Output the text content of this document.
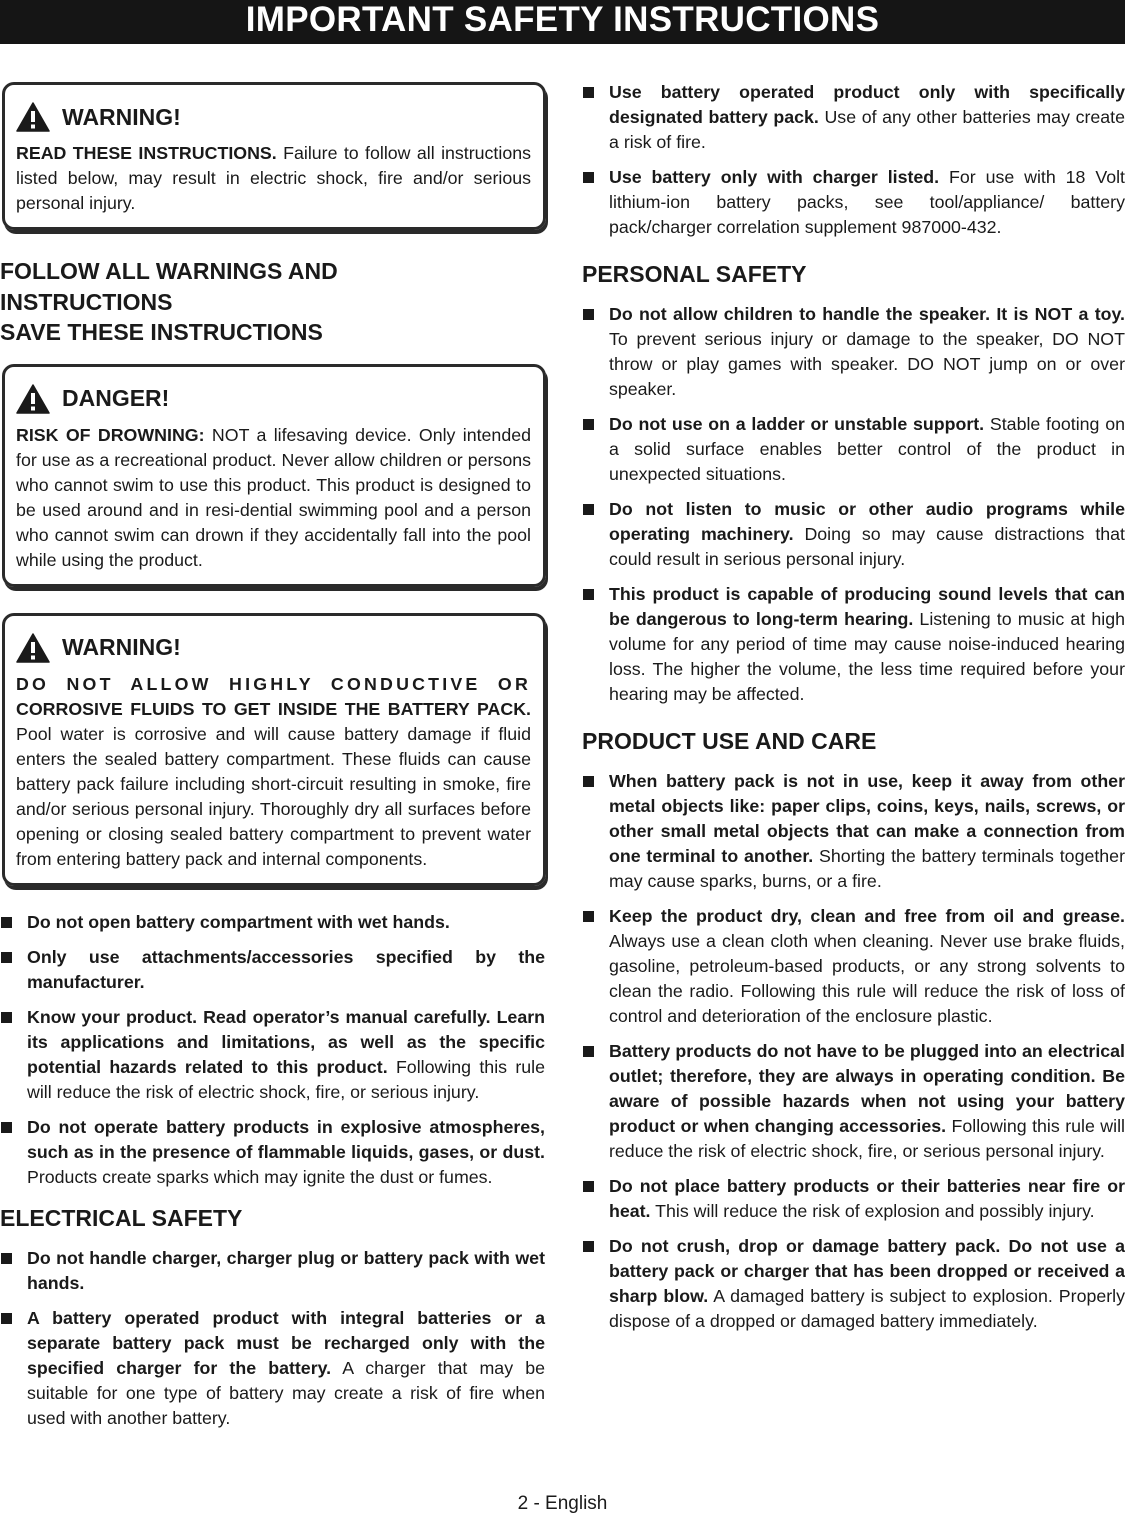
IMPORTANT SAFETY INSTRUCTIONS
WARNING!
READ THESE INSTRUCTIONS. Failure to follow all instructions listed below, may result in electric shock, fire and/or serious personal injury.
FOLLOW ALL WARNINGS AND
INSTRUCTIONS
SAVE THESE INSTRUCTIONS
DANGER!
RISK OF DROWNING: NOT a lifesaving device. Only intended for use as a recreational product. Never allow children or persons who cannot swim to use this product. This product is designed to be used around and in resi-dential swimming pool and a person who cannot swim can drown if they accidentally fall into the pool while using the product.
WARNING!
DO NOT ALLOW HIGHLY CONDUCTIVE OR CORROSIVE FLUIDS TO GET INSIDE THE BATTERY PACK. Pool water is corrosive and will cause battery damage if fluid enters the sealed battery compartment. These fluids can cause battery pack failure including short-circuit resulting in smoke, fire and/or serious personal injury. Thoroughly dry all surfaces before opening or closing sealed battery compartment to prevent water from entering battery pack and internal components.
Do not open battery compartment with wet hands.
Only use attachments/accessories specified by the manufacturer.
Know your product. Read operator’s manual carefully. Learn its applications and limitations, as well as the specific potential hazards related to this product. Following this rule will reduce the risk of electric shock, fire, or serious injury.
Do not operate battery products in explosive atmospheres, such as in the presence of flammable liquids, gases, or dust. Products create sparks which may ignite the dust or fumes.
ELECTRICAL SAFETY
Do not handle charger, charger plug or battery pack with wet hands.
A battery operated product with integral batteries or a separate battery pack must be recharged only with the specified charger for the battery. A charger that may be suitable for one type of battery may create a risk of fire when used with another battery.
Use battery operated product only with specifically designated battery pack. Use of any other batteries may create a risk of fire.
Use battery only with charger listed. For use with 18 Volt lithium-ion battery packs, see tool/appliance/ battery pack/charger correlation supplement 987000-432.
PERSONAL SAFETY
Do not allow children to handle the speaker. It is NOT a toy. To prevent serious injury or damage to the speaker, DO NOT throw or play games with speaker. DO NOT jump on or over speaker.
Do not use on a ladder or unstable support. Stable footing on a solid surface enables better control of the product in unexpected situations.
Do not listen to music or other audio programs while operating machinery. Doing so may cause distractions that could result in serious personal injury.
This product is capable of producing sound levels that can be dangerous to long-term hearing. Listening to music at high volume for any period of time may cause noise-induced hearing loss. The higher the volume, the less time required before your hearing may be affected.
PRODUCT USE AND CARE
When battery pack is not in use, keep it away from other metal objects like: paper clips, coins, keys, nails, screws, or other small metal objects that can make a connection from one terminal to another. Shorting the battery terminals together may cause sparks, burns, or a fire.
Keep the product dry, clean and free from oil and grease. Always use a clean cloth when cleaning. Never use brake fluids, gasoline, petroleum-based products, or any strong solvents to clean the radio. Following this rule will reduce the risk of loss of control and deterioration of the enclosure plastic.
Battery products do not have to be plugged into an electrical outlet; therefore, they are always in operating condition. Be aware of possible hazards when not using your battery product or when changing accessories. Following this rule will reduce the risk of electric shock, fire, or serious personal injury.
Do not place battery products or their batteries near fire or heat. This will reduce the risk of explosion and possibly injury.
Do not crush, drop or damage battery pack. Do not use a battery pack or charger that has been dropped or received a sharp blow. A damaged battery is subject to explosion. Properly dispose of a dropped or damaged battery immediately.
2 - English
